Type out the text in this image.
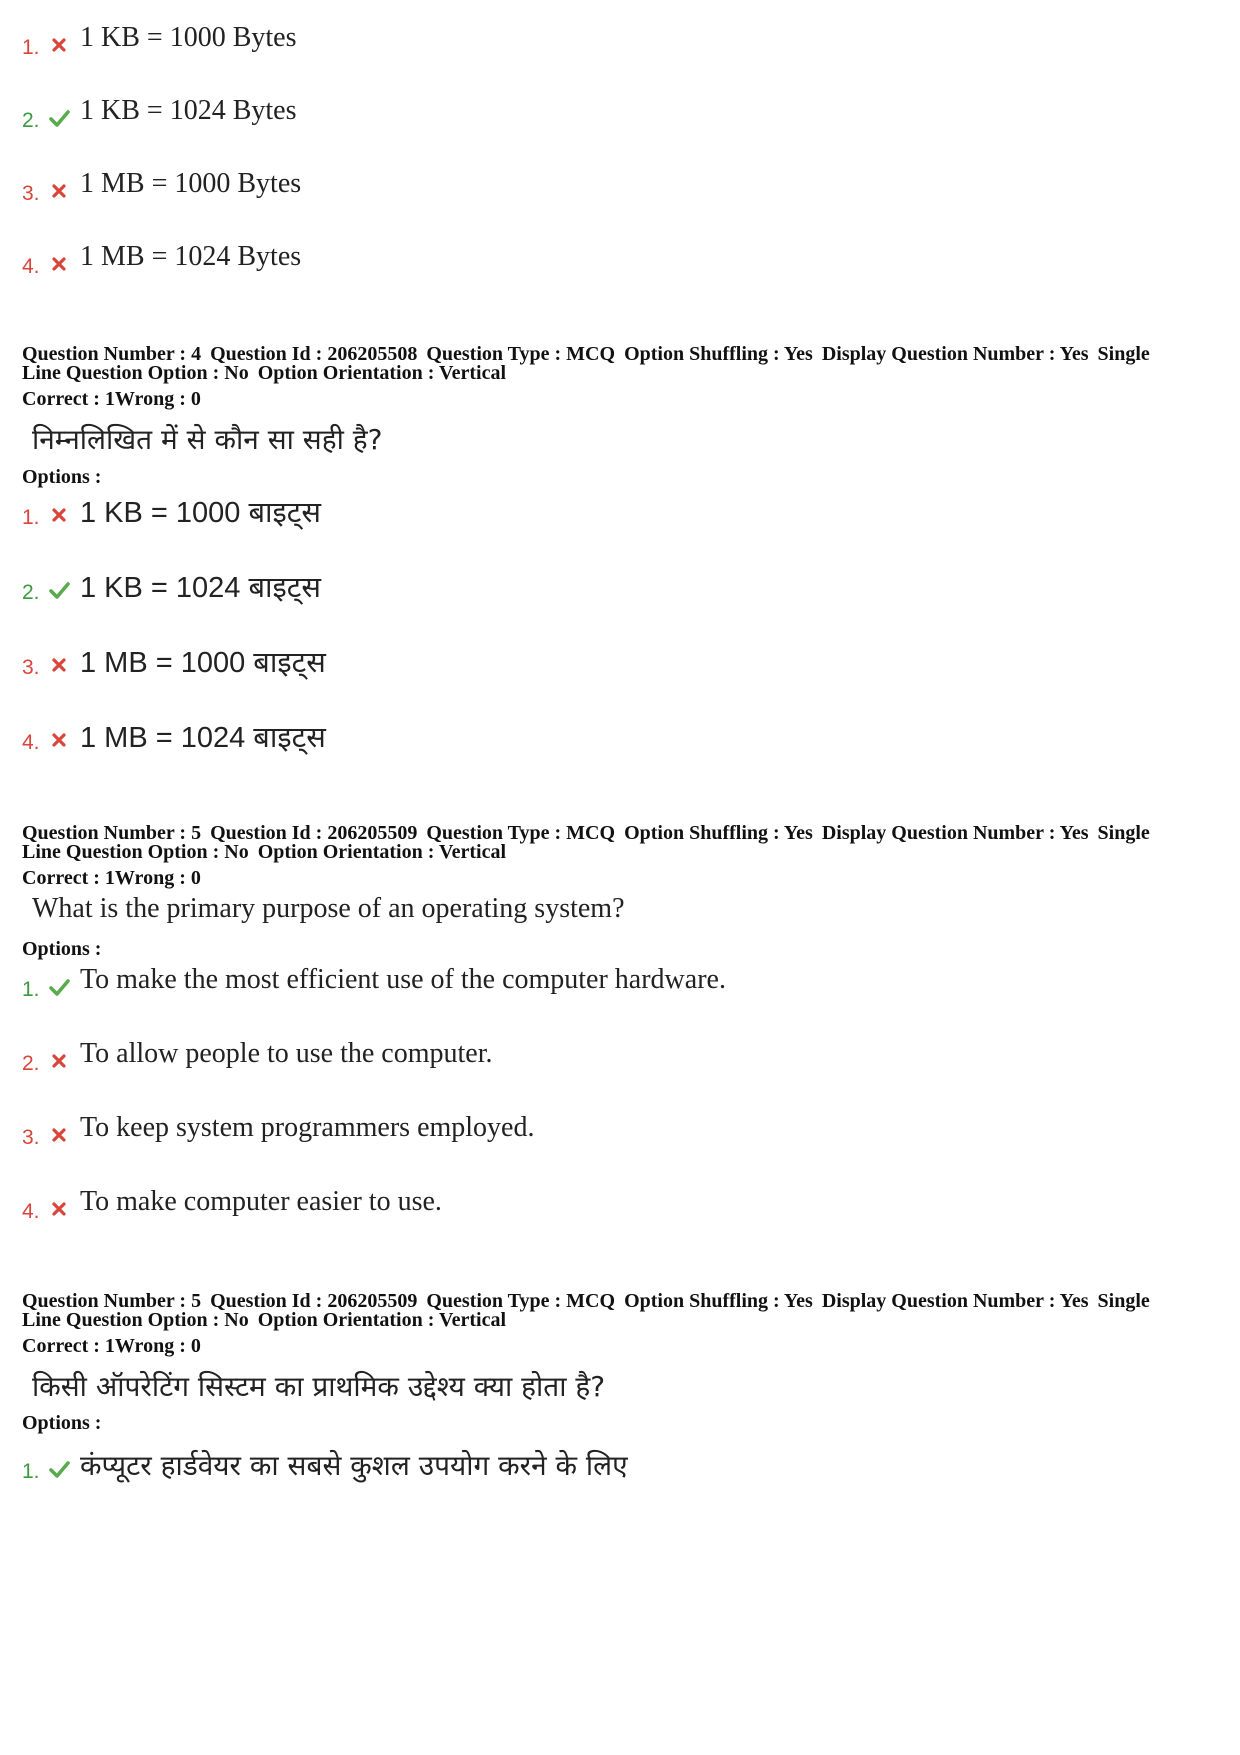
1. 1 KB = 1000 Bytes
2. 1 KB = 1024 Bytes
3. 1 MB = 1000 Bytes
4. 1 MB = 1024 Bytes
Question Number : 4 Question Id : 206205508 Question Type : MCQ Option Shuffling : Yes Display Question Number : Yes Single
Line Question Option : No Option Orientation : Vertical
Correct : 1Wrong : 0
निम्नलिखित में से कौन सा सही है?
Options :
1. 1 KB = 1000 बाइट्स
2. 1 KB = 1024 बाइट्स
3. 1 MB = 1000 बाइट्स
4. 1 MB = 1024 बाइट्स
Question Number : 5 Question Id : 206205509 Question Type : MCQ Option Shuffling : Yes Display Question Number : Yes Single
Line Question Option : No Option Orientation : Vertical
Correct : 1Wrong : 0
What is the primary purpose of an operating system?
Options :
1. To make the most efficient use of the computer hardware.
2. To allow people to use the computer.
3. To keep system programmers employed.
4. To make computer easier to use.
Question Number : 5 Question Id : 206205509 Question Type : MCQ Option Shuffling : Yes Display Question Number : Yes Single
Line Question Option : No Option Orientation : Vertical
Correct : 1Wrong : 0
किसी ऑपरेटिंग सिस्टम का प्राथमिक उद्देश्य क्या होता है?
Options :
1. कंप्यूटर हार्डवेयर का सबसे कुशल उपयोग करने के लिए
